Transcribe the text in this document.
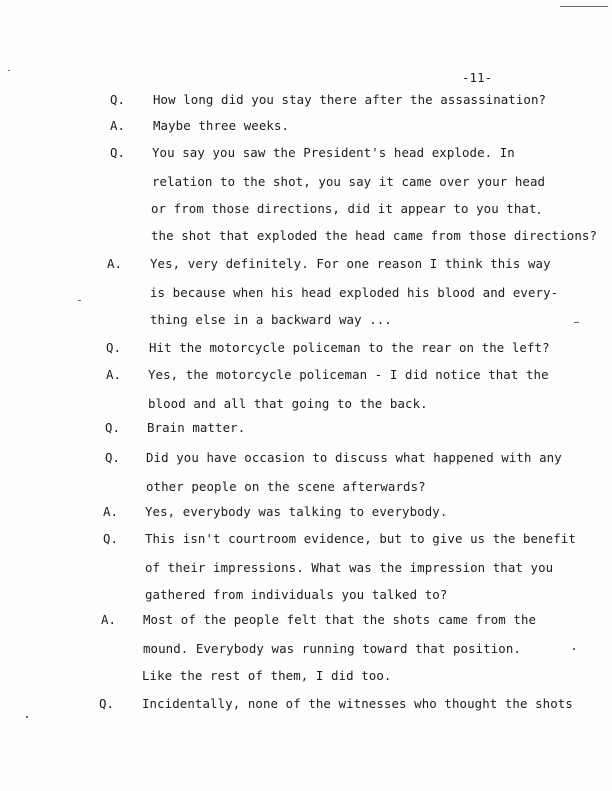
-11-
Q. How long did you stay there after the assassination?
A. Maybe three weeks.
Q. You say you saw the President's head explode. In
relation to the shot, you say it came over your head
or from those directions, did it appear to you that
the shot that exploded the head came from those directions?
A. Yes, very definitely. For one reason I think this way
is because when his head exploded his blood and every-
thing else in a backward way ...
Q. Hit the motorcycle policeman to the rear on the left?
A. Yes, the motorcycle policeman - I did notice that the
blood and all that going to the back.
Q. Brain matter.
Q. Did you have occasion to discuss what happened with any
other people on the scene afterwards?
A. Yes, everybody was talking to everybody.
Q. This isn't courtroom evidence, but to give us the benefit
of their impressions. What was the impression that you
gathered from individuals you talked to?
A. Most of the people felt that the shots came from the
mound. Everybody was running toward that position.
Like the rest of them, I did too.
Q. Incidentally, none of the witnesses who thought the shots
